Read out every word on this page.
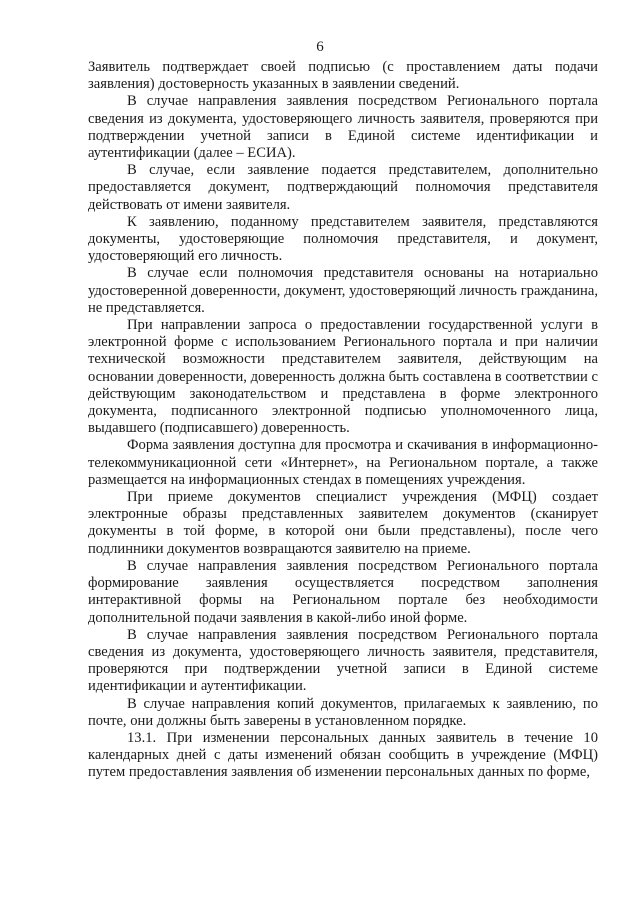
6

Заявитель подтверждает своей подписью (с проставлением даты подачи заявления) достоверность указанных в заявлении сведений.

В случае направления заявления посредством Регионального портала сведения из документа, удостоверяющего личность заявителя, проверяются при подтверждении учетной записи в Единой системе идентификации и аутентификации (далее – ЕСИА).

В случае, если заявление подается представителем, дополнительно предоставляется документ, подтверждающий полномочия представителя действовать от имени заявителя.

К заявлению, поданному представителем заявителя, представляются документы, удостоверяющие полномочия представителя, и документ, удостоверяющий его личность.

В случае если полномочия представителя основаны на нотариально удостоверенной доверенности, документ, удостоверяющий личность гражданина, не представляется.

При направлении запроса о предоставлении государственной услуги в электронной форме с использованием Регионального портала и при наличии технической возможности представителем заявителя, действующим на основании доверенности, доверенность должна быть составлена в соответствии с действующим законодательством и представлена в форме электронного документа, подписанного электронной подписью уполномоченного лица, выдавшего (подписавшего) доверенность.

Форма заявления доступна для просмотра и скачивания в информационно-телекоммуникационной сети «Интернет», на Региональном портале, а также размещается на информационных стендах в помещениях учреждения.

При приеме документов специалист учреждения (МФЦ) создает электронные образы представленных заявителем документов (сканирует документы в той форме, в которой они были представлены), после чего подлинники документов возвращаются заявителю на приеме.

В случае направления заявления посредством Регионального портала формирование заявления осуществляется посредством заполнения интерактивной формы на Региональном портале без необходимости дополнительной подачи заявления в какой-либо иной форме.

В случае направления заявления посредством Регионального портала сведения из документа, удостоверяющего личность заявителя, представителя, проверяются при подтверждении учетной записи в Единой системе идентификации и аутентификации.

В случае направления копий документов, прилагаемых к заявлению, по почте, они должны быть заверены в установленном порядке.

13.1. При изменении персональных данных заявитель в течение 10 календарных дней с даты изменений обязан сообщить в учреждение (МФЦ) путем предоставления заявления об изменении персональных данных по форме,
